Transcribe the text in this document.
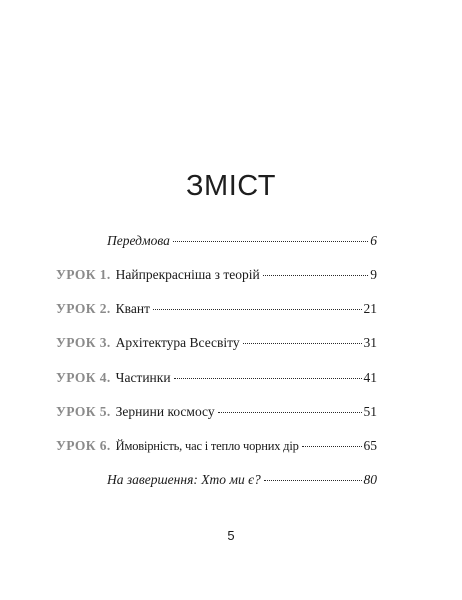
ЗМІСТ
Передмова	6
УРОК 1. Найпрекрасніша з теорій	9
УРОК 2. Квант	21
УРОК 3. Архітектура Всесвіту	31
УРОК 4. Частинки	41
УРОК 5. Зернини космосу	51
УРОК 6. Ймовірність, час і тепло чорних дір	65
На завершення: Хто ми є?	80
5
